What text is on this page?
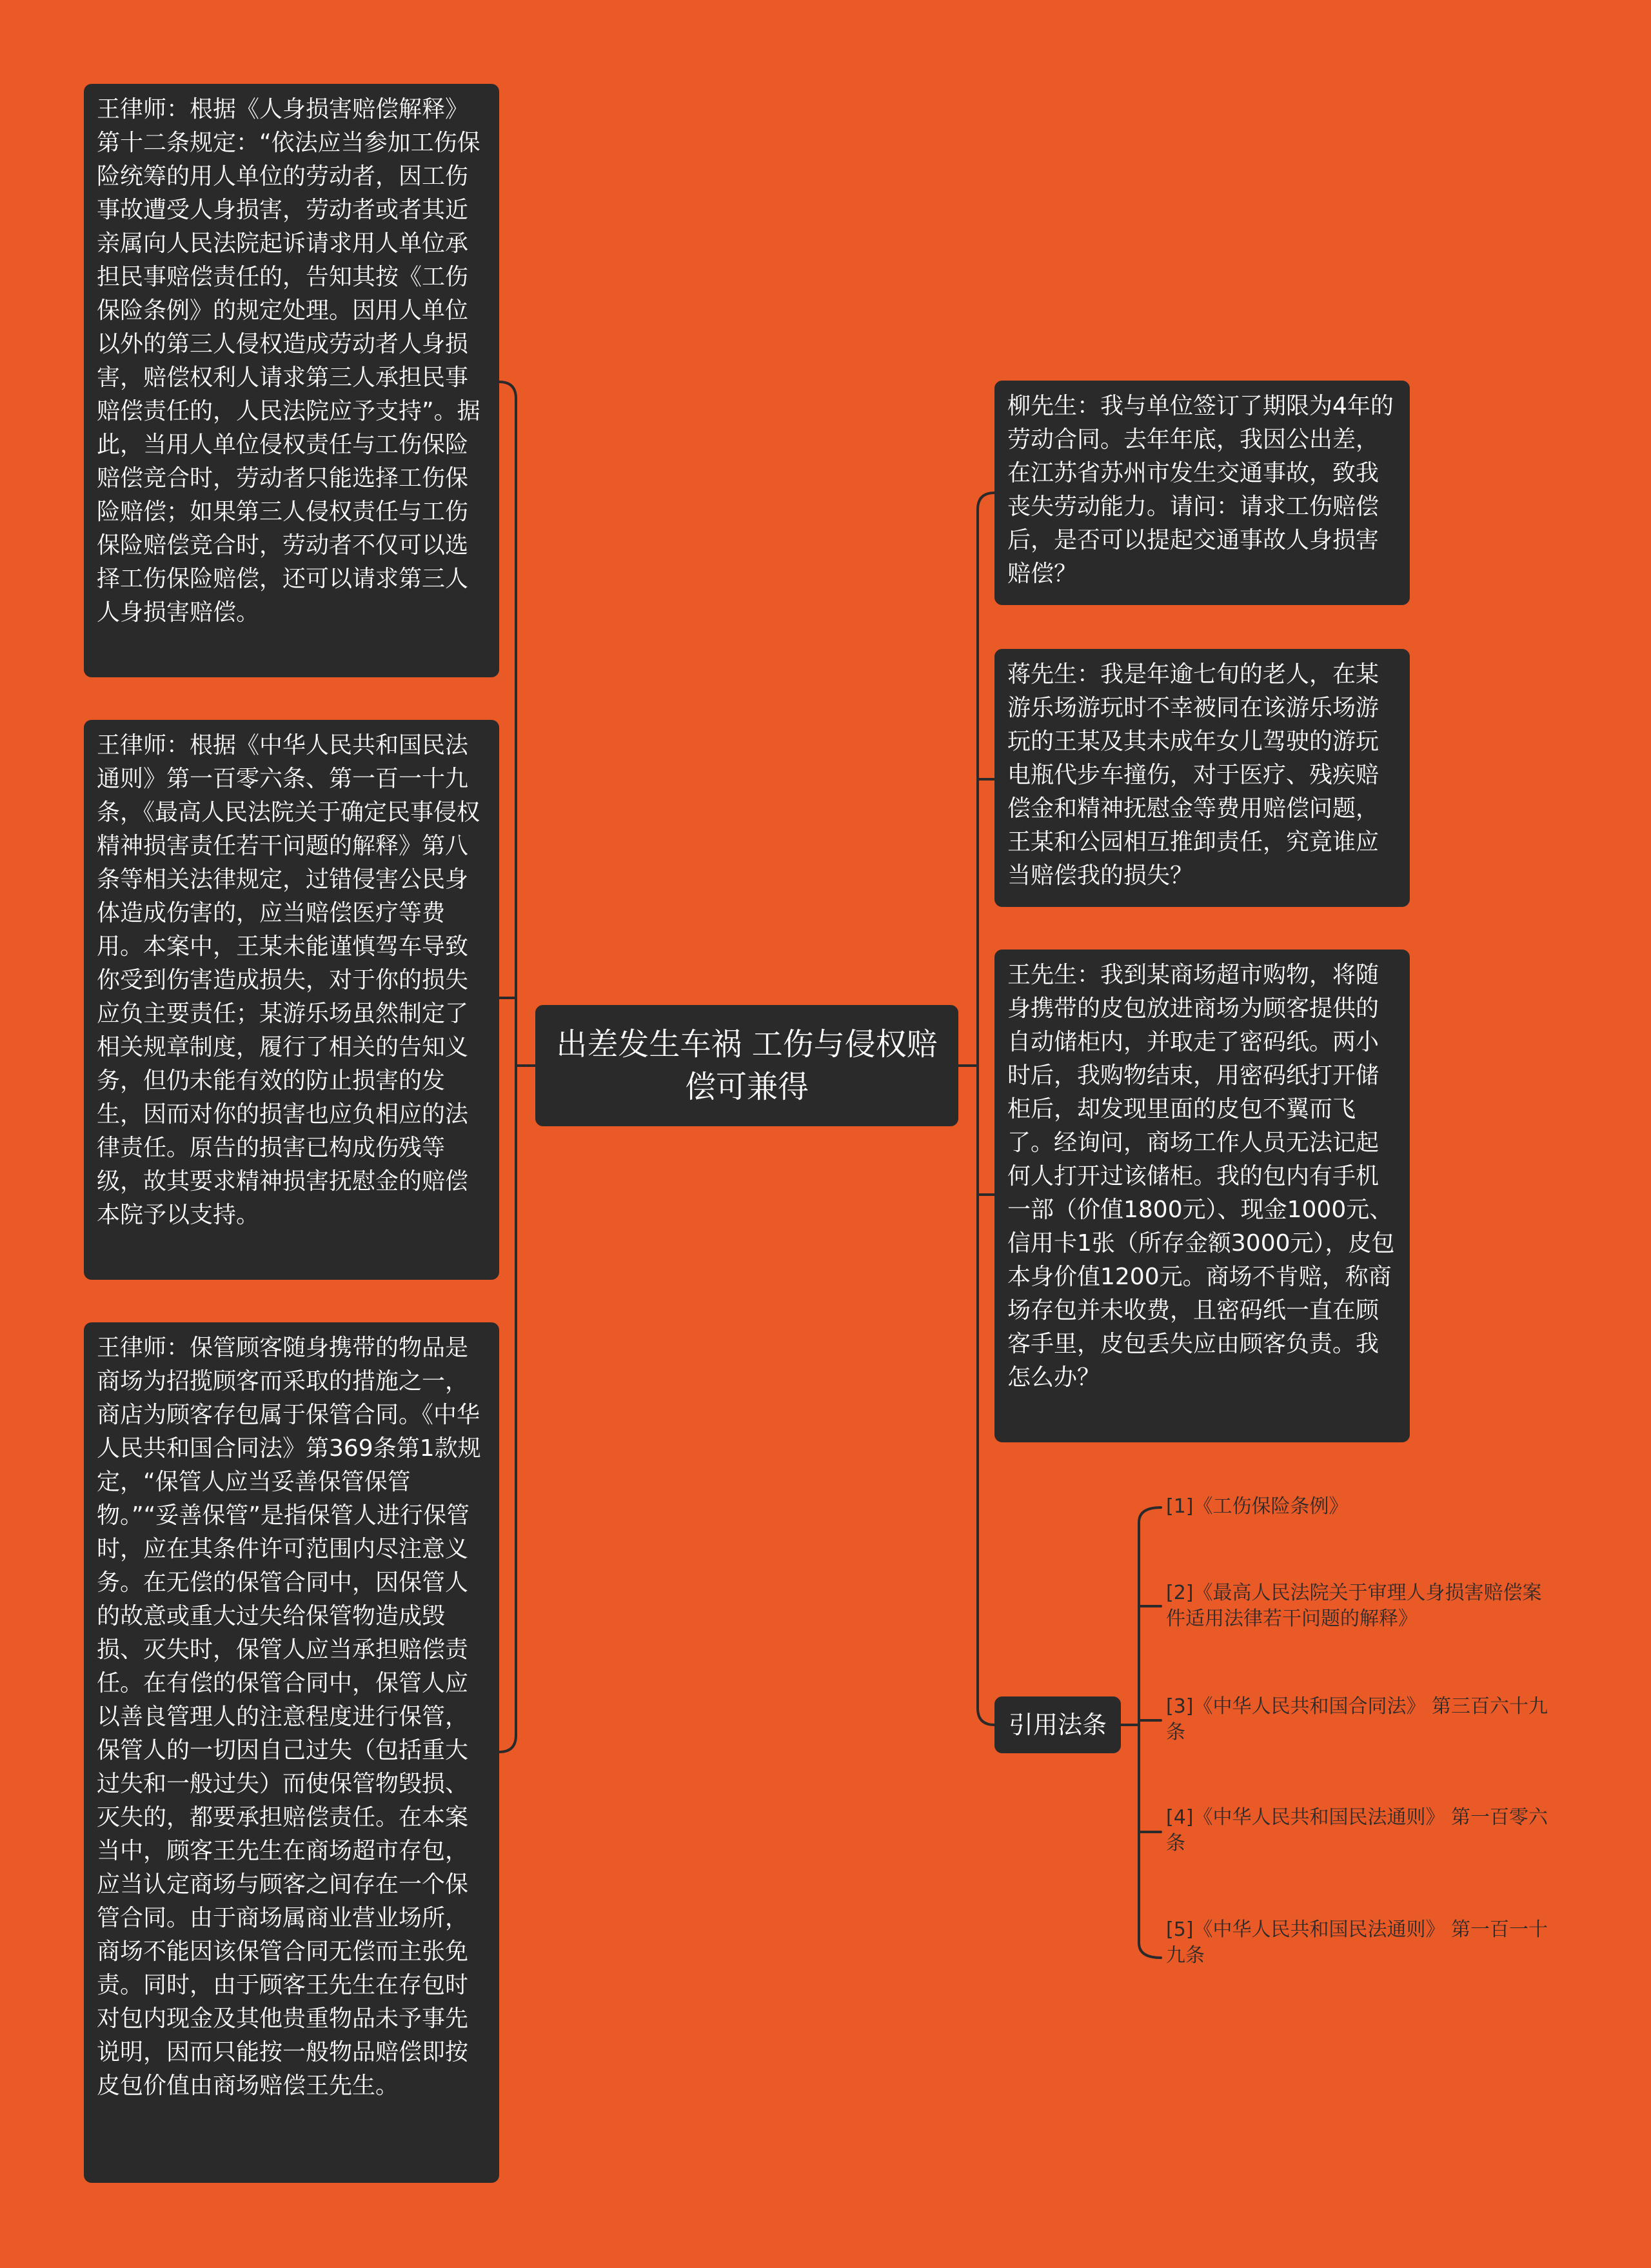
王律师：根据《人身损害赔偿解释》第十二条规定：“依法应当参加工伤保险统筹的用人单位的劳动者，因工伤事故遭受人身损害，劳动者或者其近亲属向人民法院起诉请求用人单位承担民事赔偿责任的，告知其按《工伤保险条例》的规定处理。因用人单位以外的第三人侵权造成劳动者人身损害，赔偿权利人请求第三人承担民事赔偿责任的，人民法院应予支持”。据此，当用人单位侵权责任与工伤保险赔偿竞合时，劳动者只能选择工伤保险赔偿；如果第三人侵权责任与工伤保险赔偿竞合时，劳动者不仅可以选择工伤保险赔偿，还可以请求第三人人身损害赔偿。
王律师：根据《中华人民共和国民法通则》第一百零六条、第一百一十九条，《最高人民法院关于确定民事侵权精神损害责任若干问题的解释》第八条等相关法律规定，过错侵害公民身体造成伤害的，应当赔偿医疗等费用。本案中，王某未能谨慎驾车导致你受到伤害造成损失，对于你的损失应负主要责任；某游乐场虽然制定了相关规章制度，履行了相关的告知义务，但仍未能有效的防止损害的发生，因而对你的损害也应负相应的法律责任。原告的损害已构成伤残等级，故其要求精神损害抚慰金的赔偿本院予以支持。
王律师：保管顾客随身携带的物品是商场为招揽顾客而采取的措施之一，商店为顾客存包属于保管合同。《中华人民共和国合同法》第369条第1款规定，“保管人应当妥善保管保管物。”“妥善保管”是指保管人进行保管时，应在其条件许可范围内尽注意义务。在无偿的保管合同中，因保管人的故意或重大过失给保管物造成毁损、灭失时，保管人应当承担赔偿责任。在有偿的保管合同中，保管人应以善良管理人的注意程度进行保管，保管人的一切因自己过失（包括重大过失和一般过失）而使保管物毁损、灭失的，都要承担赔偿责任。在本案当中，顾客王先生在商场超市存包，应当认定商场与顾客之间存在一个保管合同。由于商场属商业营业场所，商场不能因该保管合同无偿而主张免责。同时，由于顾客王先生在存包时对包内现金及其他贵重物品未予事先说明，因而只能按一般物品赔偿即按皮包价值由商场赔偿王先生。
出差发生车祸 工伤与侵权赔偿可兼得
柳先生：我与单位签订了期限为4年的劳动合同。去年年底，我因公出差，在江苏省苏州市发生交通事故，致我丧失劳动能力。请问：请求工伤赔偿后，是否可以提起交通事故人身损害赔偿？
蒋先生：我是年逾七旬的老人，在某游乐场游玩时不幸被同在该游乐场游玩的王某及其未成年女儿驾驶的游玩电瓶代步车撞伤，对于医疗、残疾赔偿金和精神抚慰金等费用赔偿问题，王某和公园相互推卸责任，究竟谁应当赔偿我的损失？
王先生：我到某商场超市购物，将随身携带的皮包放进商场为顾客提供的自动储柜内，并取走了密码纸。两小时后，我购物结束，用密码纸打开储柜后，却发现里面的皮包不翼而飞了。经询问，商场工作人员无法记起何人打开过该储柜。我的包内有手机一部（价值1800元）、现金1000元、信用卡1张（所存金额3000元），皮包本身价值1200元。商场不肯赔，称商场存包并未收费，且密码纸一直在顾客手里，皮包丢失应由顾客负责。我怎么办？
引用法条
[1]《工伤保险条例》
[2]《最高人民法院关于审理人身损害赔偿案件适用法律若干问题的解释》
[3]《中华人民共和国合同法》 第三百六十九条
[4]《中华人民共和国民法通则》 第一百零六条
[5]《中华人民共和国民法通则》 第一百一十九条
